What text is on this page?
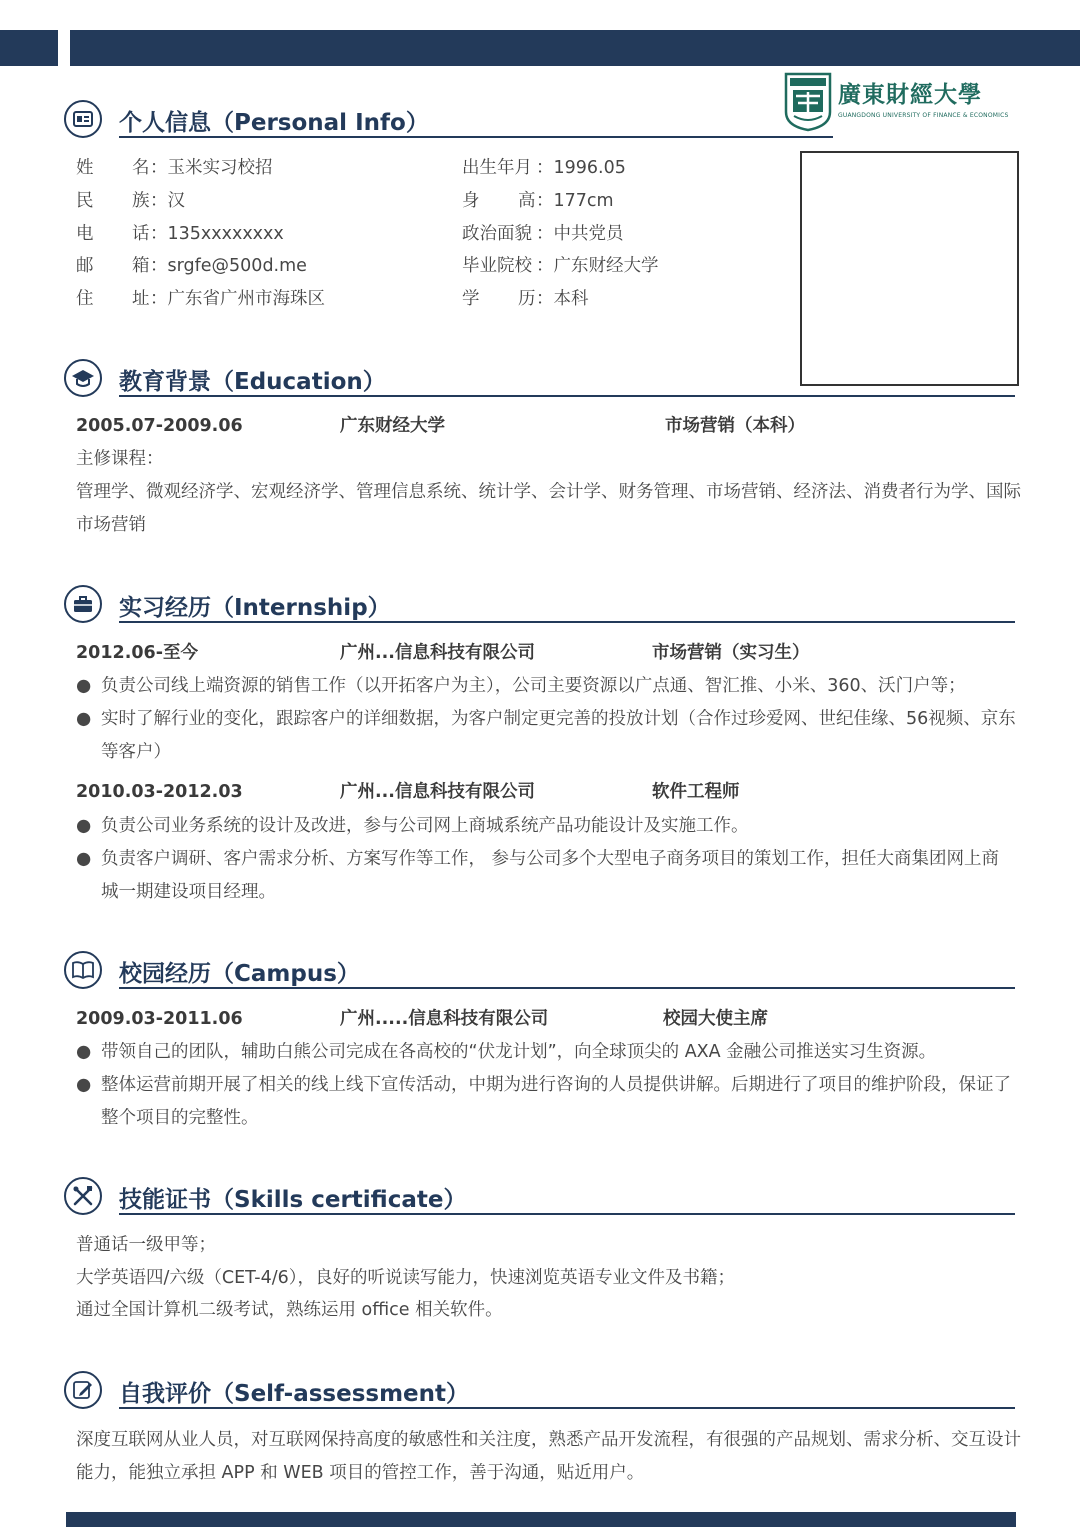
廣東財經大學
GUANGDONG UNIVERSITY OF FINANCE & ECONOMICS
个人信息（Personal Info）
姓 名 ：玉米实习校招
民 族 ：汉
电 话 ：135xxxxxxxx
邮 箱 ：srgfe@500d.me
住 址 ：广东省广州市海珠区
出生年月 ：1996.05
身 高 ：177cm
政治面貌 ：中共党员
毕业院校 ：广东财经大学
学 历 ：本科
教育背景（Education）
2005.07-2009.06	广东财经大学	市场营销（本科）
主修课程：
管理学、微观经济学、宏观经济学、管理信息系统、统计学、会计学、财务管理、市场营销、经济法、消费者行为学、国际市场营销
实习经历（Internship）
2012.06-至今	广州...信息科技有限公司	市场营销（实习生）
● 负责公司线上端资源的销售工作（以开拓客户为主），公司主要资源以广点通、智汇推、小米、360、沃门户等；
● 实时了解行业的变化，跟踪客户的详细数据，为客户制定更完善的投放计划（合作过珍爱网、世纪佳缘、56视频、京东等客户）
2010.03-2012.03	广州...信息科技有限公司	软件工程师
● 负责公司业务系统的设计及改进，参与公司网上商城系统产品功能设计及实施工作。
● 负责客户调研、客户需求分析、方案写作等工作， 参与公司多个大型电子商务项目的策划工作，担任大商集团网上商城一期建设项目经理。
校园经历（Campus）
2009.03-2011.06	广州.....信息科技有限公司	校园大使主席
● 带领自己的团队，辅助白熊公司完成在各高校的“伏龙计划”，向全球顶尖的 AXA 金融公司推送实习生资源。
● 整体运营前期开展了相关的线上线下宣传活动，中期为进行咨询的人员提供讲解。后期进行了项目的维护阶段，保证了整个项目的完整性。
技能证书（Skills certificate）
普通话一级甲等；
大学英语四/六级（CET-4/6），良好的听说读写能力，快速浏览英语专业文件及书籍；
通过全国计算机二级考试，熟练运用 office 相关软件。
自我评价（Self-assessment）
深度互联网从业人员，对互联网保持高度的敏感性和关注度，熟悉产品开发流程，有很强的产品规划、需求分析、交互设计能力，能独立承担 APP 和 WEB 项目的管控工作，善于沟通，贴近用户。
